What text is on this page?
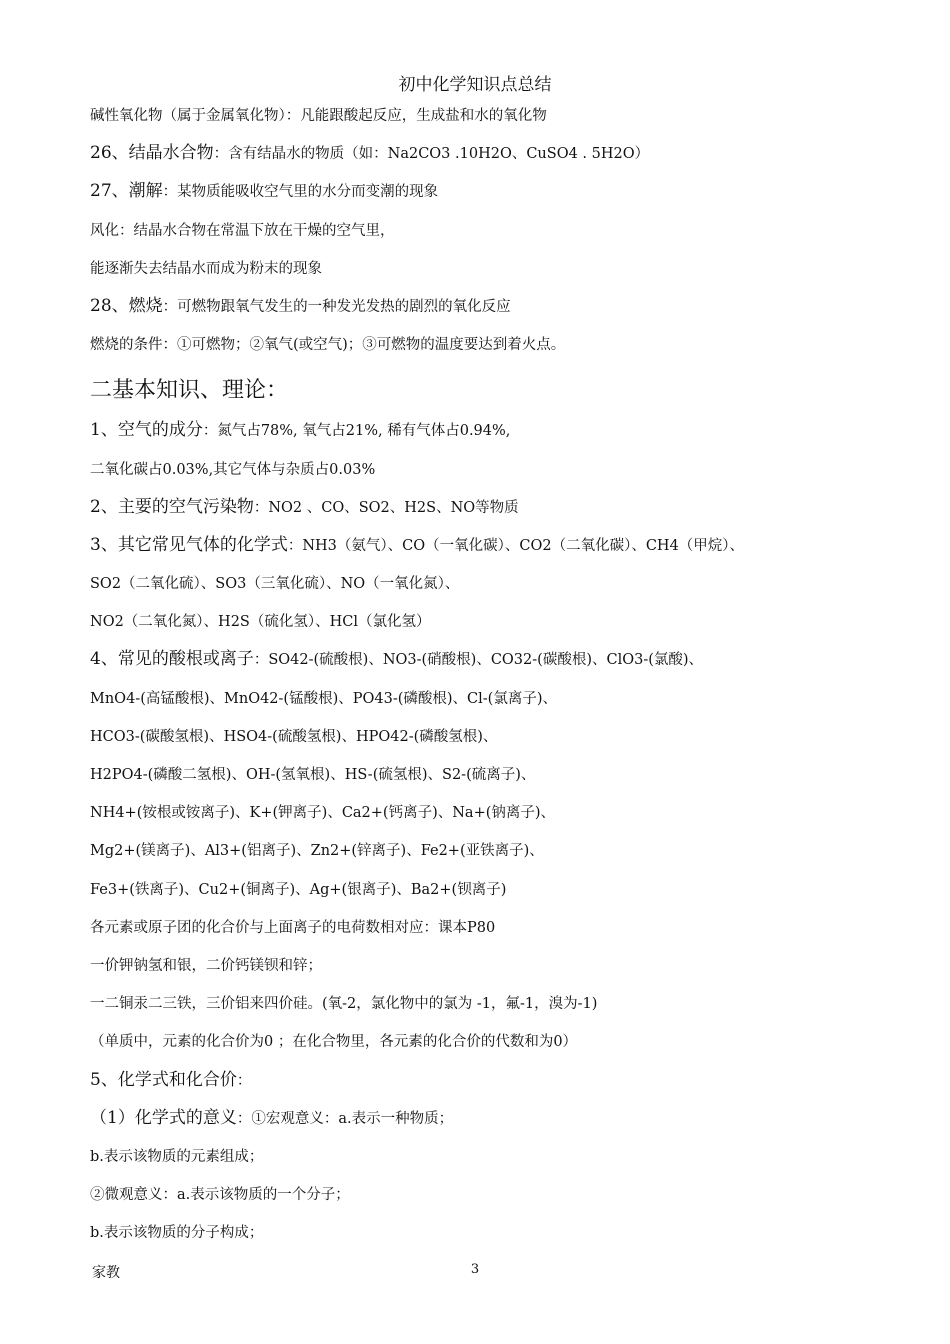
初中化学知识点总结
碱性氧化物（属于金属氧化物）：凡能跟酸起反应，生成盐和水的氧化物
26、结晶水合物：含有结晶水的物质（如：Na2CO3 .10H2O、CuSO4 . 5H2O）
27、潮解：某物质能吸收空气里的水分而变潮的现象
风化：结晶水合物在常温下放在干燥的空气里，
能逐渐失去结晶水而成为粉末的现象
28、燃烧：可燃物跟氧气发生的一种发光发热的剧烈的氧化反应
燃烧的条件：①可燃物；②氧气(或空气)；③可燃物的温度要达到着火点。
二基本知识、理论：
1、空气的成分：氮气占78%, 氧气占21%, 稀有气体占0.94%,
二氧化碳占0.03%,其它气体与杂质占0.03%
2、主要的空气污染物：NO2 、CO、SO2、H2S、NO等物质
3、其它常见气体的化学式：NH3（氨气）、CO（一氧化碳）、CO2（二氧化碳）、CH4（甲烷）、
SO2（二氧化硫）、SO3（三氧化硫）、NO（一氧化氮）、
NO2（二氧化氮）、H2S（硫化氢）、HCl（氯化氢）
4、常见的酸根或离子：SO42-(硫酸根)、NO3-(硝酸根)、CO32-(碳酸根)、ClO3-(氯酸)、
MnO4-(高锰酸根)、MnO42-(锰酸根)、PO43-(磷酸根)、Cl-(氯离子)、
HCO3-(碳酸氢根)、HSO4-(硫酸氢根)、HPO42-(磷酸氢根)、
H2PO4-(磷酸二氢根)、OH-(氢氧根)、HS-(硫氢根)、S2-(硫离子)、
NH4+(铵根或铵离子)、K+(钾离子)、Ca2+(钙离子)、Na+(钠离子)、
Mg2+(镁离子)、Al3+(铝离子)、Zn2+(锌离子)、Fe2+(亚铁离子)、
Fe3+(铁离子)、Cu2+(铜离子)、Ag+(银离子)、Ba2+(钡离子)
各元素或原子团的化合价与上面离子的电荷数相对应：课本P80
一价钾钠氢和银，二价钙镁钡和锌；
一二铜汞二三铁，三价铝来四价硅。(氧-2，氯化物中的氯为 -1，氟-1，溴为-1)
（单质中，元素的化合价为0 ；在化合物里，各元素的化合价的代数和为0）
5、化学式和化合价：
（1）化学式的意义：①宏观意义：a.表示一种物质；
b.表示该物质的元素组成；
②微观意义：a.表示该物质的一个分子；
b.表示该物质的分子构成；
家教	3
